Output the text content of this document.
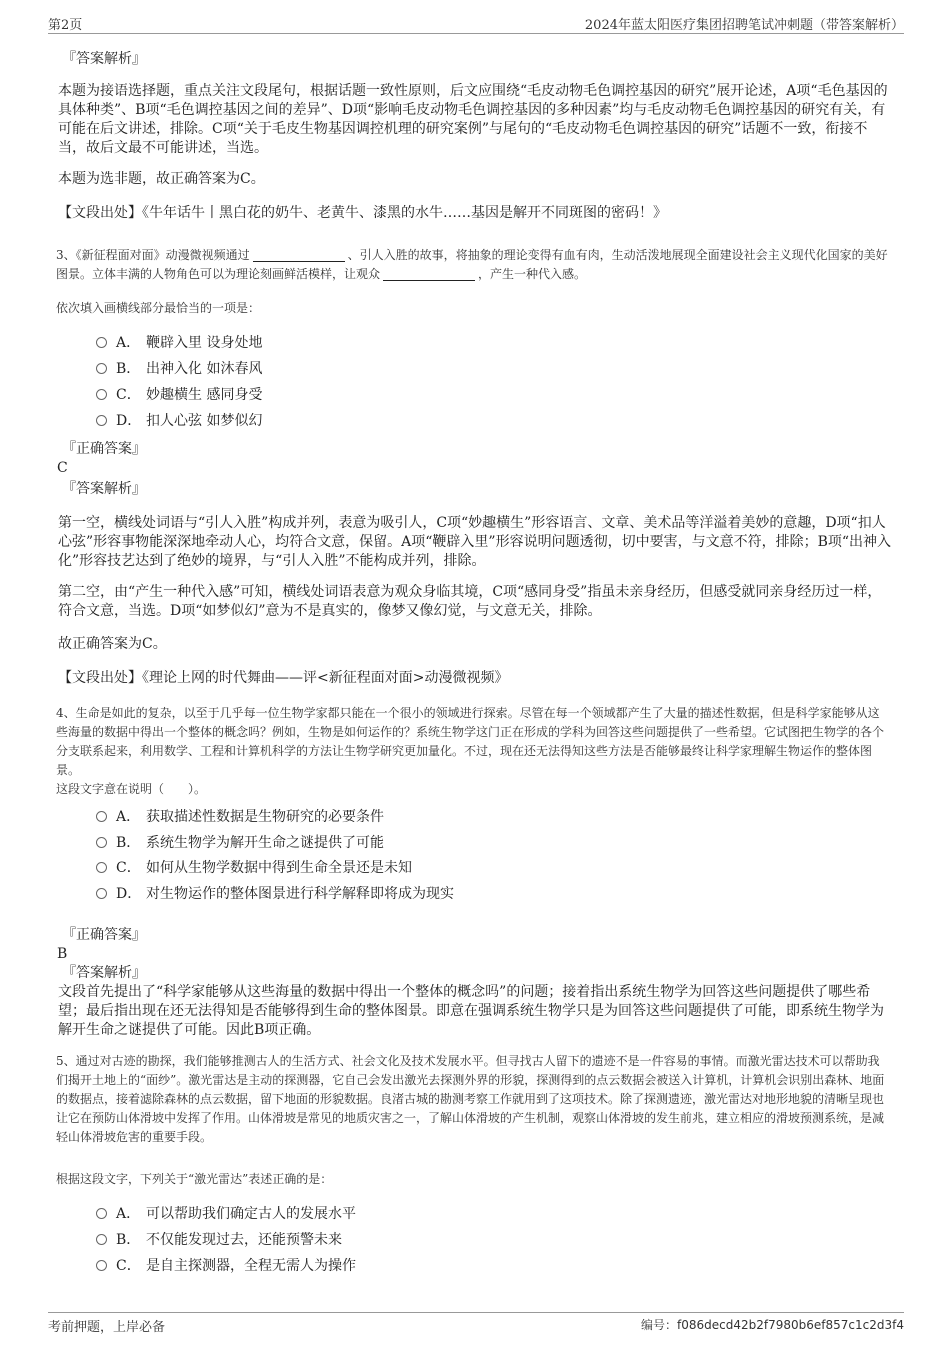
第2页	2024年蓝太阳医疗集团招聘笔试冲刺题（带答案解析）

『答案解析』

本题为接语选择题，重点关注文段尾句，根据话题一致性原则，后文应围绕“毛皮动物毛色调控基因的研究”展开论述，A项“毛色基因的具体种类”、B项“毛色调控基因之间的差异”、D项“影响毛皮动物毛色调控基因的多种因素”均与毛皮动物毛色调控基因的研究有关，有可能在后文讲述，排除。C项“关于毛皮生物基因调控机理的研究案例”与尾句的“毛皮动物毛色调控基因的研究”话题不一致，衔接不当，故后文最不可能讲述，当选。

本题为选非题，故正确答案为C。

【文段出处】《牛年话牛丨黑白花的奶牛、老黄牛、漆黑的水牛……基因是解开不同斑图的密码！》

3、《新征程面对面》动漫微视频通过	、引人入胜的故事，将抽象的理论变得有血有肉，生动活泼地展现全面建设社会主义现代化国家的美好图景。立体丰满的人物角色可以为理论刻画鲜活模样，让观众	，产生一种代入感。

依次填入画横线部分最恰当的一项是：

A． 鞭辟入里 设身处地
B． 出神入化 如沐春风
C． 妙趣横生 感同身受
D． 扣人心弦 如梦似幻

『正确答案』

C

『答案解析』

第一空，横线处词语与“引人入胜”构成并列，表意为吸引人，C项“妙趣横生”形容语言、文章、美术品等洋溢着美妙的意趣，D项“扣人心弦”形容事物能深深地牵动人心，均符合文意，保留。A项“鞭辟入里”形容说明问题透彻，切中要害，与文意不符，排除；B项“出神入化”形容技艺达到了绝妙的境界，与“引人入胜”不能构成并列，排除。

第二空，由“产生一种代入感”可知，横线处词语表意为观众身临其境，C项“感同身受”指虽未亲身经历，但感受就同亲身经历过一样，符合文意，当选。D项“如梦似幻”意为不是真实的，像梦又像幻觉，与文意无关，排除。

故正确答案为C。

【文段出处】《理论上网的时代舞曲——评<新征程面对面>动漫微视频》

4、生命是如此的复杂，以至于几乎每一位生物学家都只能在一个很小的领域进行探索。尽管在每一个领域都产生了大量的描述性数据，但是科学家能够从这些海量的数据中得出一个整体的概念吗？例如，生物是如何运作的？系统生物学这门正在形成的学科为回答这些问题提供了一些希望。它试图把生物学的各个分支联系起来，利用数学、工程和计算机科学的方法让生物学研究更加量化。不过，现在还无法得知这些方法是否能够最终让科学家理解生物运作的整体图景。

这段文字意在说明（　　）。

A． 获取描述性数据是生物研究的必要条件
B． 系统生物学为解开生命之谜提供了可能
C． 如何从生物学数据中得到生命全景还是未知
D． 对生物运作的整体图景进行科学解释即将成为现实

『正确答案』

B

『答案解析』

文段首先提出了“科学家能够从这些海量的数据中得出一个整体的概念吗”的问题；接着指出系统生物学为回答这些问题提供了哪些希望；最后指出现在还无法得知是否能够得到生命的整体图景。即意在强调系统生物学只是为回答这些问题提供了可能，即系统生物学为解开生命之谜提供了可能。因此B项正确。

5、通过对古迹的勘探，我们能够推测古人的生活方式、社会文化及技术发展水平。但寻找古人留下的遗迹不是一件容易的事情。而激光雷达技术可以帮助我们揭开土地上的“面纱”。激光雷达是主动的探测器，它自己会发出激光去探测外界的形貌，探测得到的点云数据会被送入计算机，计算机会识别出森林、地面的数据点，接着滤除森林的点云数据，留下地面的形貌数据。良渚古城的勘测考察工作就用到了这项技术。除了探测遗迹，激光雷达对地形地貌的清晰呈现也让它在预防山体滑坡中发挥了作用。山体滑坡是常见的地质灾害之一，了解山体滑坡的产生机制，观察山体滑坡的发生前兆，建立相应的滑坡预测系统，是减轻山体滑坡危害的重要手段。

根据这段文字，下列关于“激光雷达”表述正确的是：

A． 可以帮助我们确定古人的发展水平
B． 不仅能发现过去，还能预警未来
C． 是自主探测器，全程无需人为操作
考前押题，上岸必备	编号：f086decd42b2f7980b6ef857c1c2d3f4
